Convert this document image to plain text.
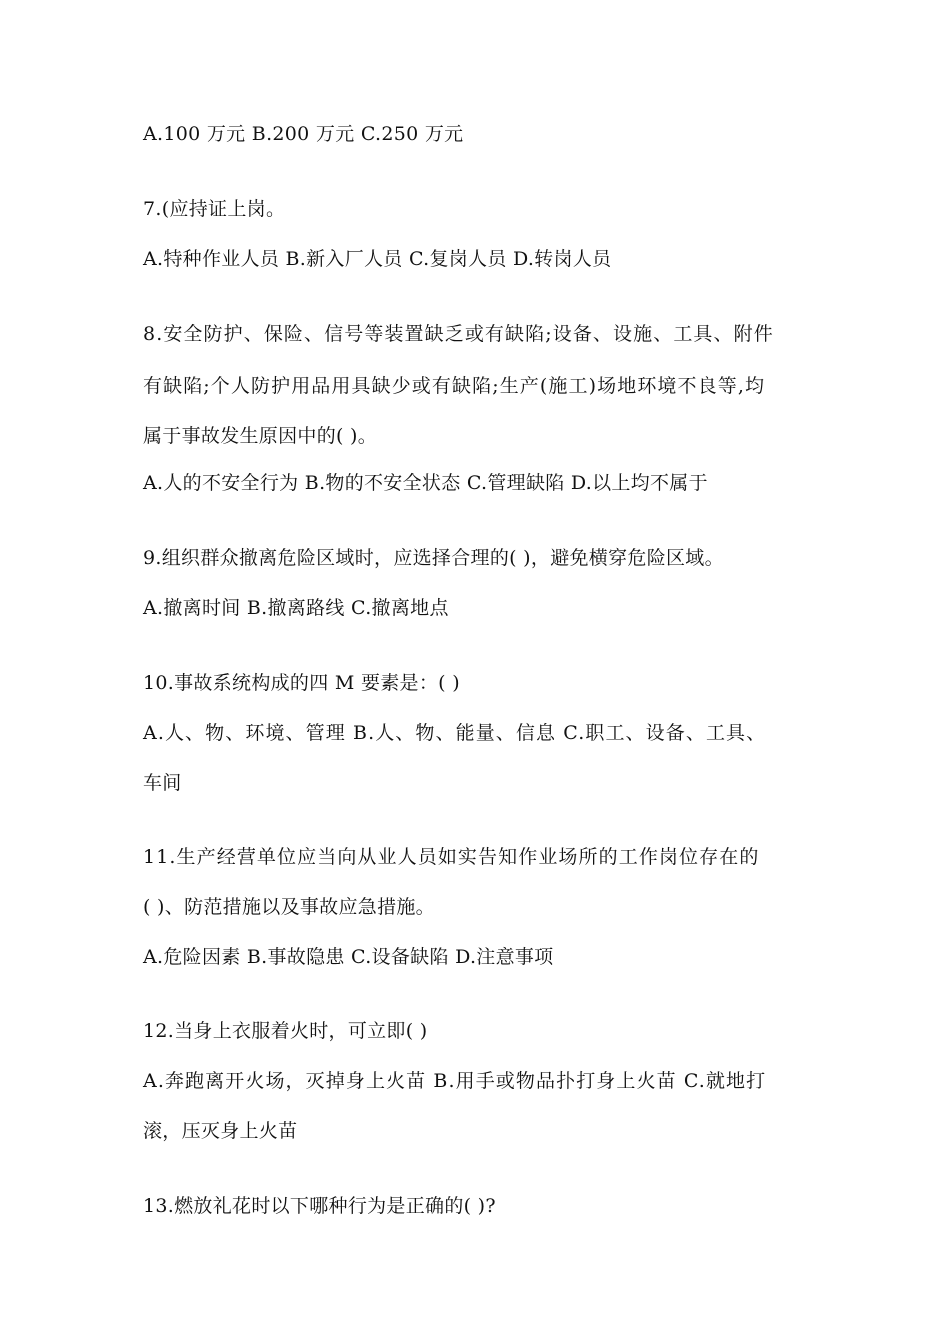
A.100 万元 B.200 万元 C.250 万元
7.(应持证上岗。
A.特种作业人员 B.新入厂人员 C.复岗人员 D.转岗人员
8.安全防护、保险、信号等装置缺乏或有缺陷;设备、设施、工具、附件
有缺陷;个人防护用品用具缺少或有缺陷;生产(施工)场地环境不良等,均
属于事故发生原因中的( )。
A.人的不安全行为 B.物的不安全状态 C.管理缺陷 D.以上均不属于
9.组织群众撤离危险区域时，应选择合理的( )，避免横穿危险区域。
A.撤离时间 B.撤离路线 C.撤离地点
10.事故系统构成的四 M 要素是：( )
A.人、物、环境、管理 B.人、物、能量、信息 C.职工、设备、工具、
车间
11.生产经营单位应当向从业人员如实告知作业场所的工作岗位存在的
( )、防范措施以及事故应急措施。
A.危险因素 B.事故隐患 C.设备缺陷 D.注意事项
12.当身上衣服着火时，可立即( )
A.奔跑离开火场，灭掉身上火苗 B.用手或物品扑打身上火苗 C.就地打
滚，压灭身上火苗
13.燃放礼花时以下哪种行为是正确的( )?
